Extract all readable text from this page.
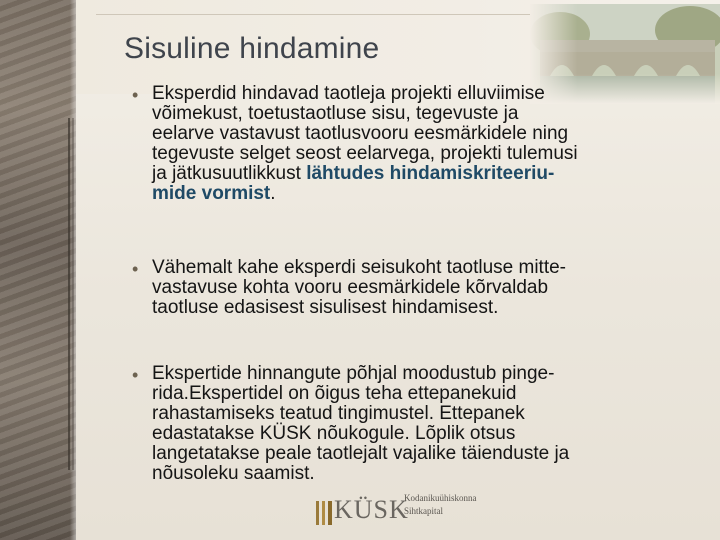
Sisuline hindamine
• Eksperdid hindavad taotleja projekti elluviimise
võimekust, toetustaotluse sisu, tegevuste ja
eelarve vastavust taotlusvooru eesmärkidele ning
tegevuste selget seost eelarvega, projekti tulemusi
ja jätkusuutlikkust lähtudes hindamiskriteeriu-
mide vormist.
• Vähemalt kahe eksperdi seisukoht taotluse mitte-
vastavuse kohta vooru eesmärkidele kõrvaldab
taotluse edasisest sisulisest hindamisest.
• Ekspertide hinnangute põhjal moodustub pinge-
rida.Ekspertidel on õigus teha ettepanekuid
rahastamiseks teatud tingimustel. Ettepanek
edastatakse KÜSK nõukogule. Lõplik otsus
langetatakse peale taotlejalt vajalike täienduste ja
nõusoleku saamist.
KÜSK
Kodanikuühiskonna
Sihtkapital
